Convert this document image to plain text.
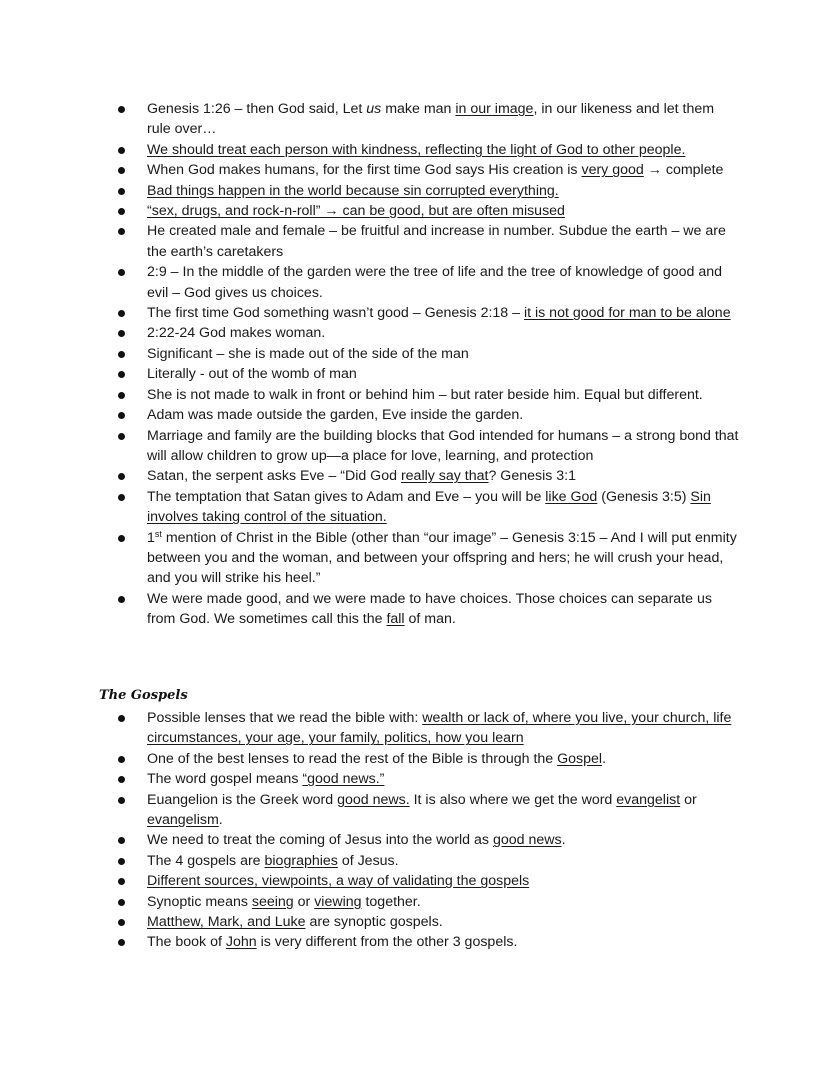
Genesis 1:26 – then God said, Let us make man in our image, in our likeness and let them rule over…
We should treat each person with kindness, reflecting the light of God to other people.
When God makes humans, for the first time God says His creation is very good → complete
Bad things happen in the world because sin corrupted everything.
“sex, drugs, and rock-n-roll” → can be good, but are often misused
He created male and female – be fruitful and increase in number. Subdue the earth – we are the earth’s caretakers
2:9 – In the middle of the garden were the tree of life and the tree of knowledge of good and evil – God gives us choices.
The first time God something wasn’t good – Genesis 2:18 – it is not good for man to be alone
2:22-24 God makes woman.
Significant – she is made out of the side of the man
Literally - out of the womb of man
She is not made to walk in front or behind him – but rater beside him. Equal but different.
Adam was made outside the garden, Eve inside the garden.
Marriage and family are the building blocks that God intended for humans – a strong bond that will allow children to grow up—a place for love, learning, and protection
Satan, the serpent asks Eve – “Did God really say that? Genesis 3:1
The temptation that Satan gives to Adam and Eve – you will be like God (Genesis 3:5) Sin involves taking control of the situation.
1st mention of Christ in the Bible (other than “our image” – Genesis 3:15 – And I will put enmity between you and the woman, and between your offspring and hers; he will crush your head, and you will strike his heel.”
We were made good, and we were made to have choices. Those choices can separate us from God. We sometimes call this the fall of man.
The Gospels
Possible lenses that we read the bible with: wealth or lack of, where you live, your church, life circumstances, your age, your family, politics, how you learn
One of the best lenses to read the rest of the Bible is through the Gospel.
The word gospel means “good news.”
Euangelion is the Greek word good news. It is also where we get the word evangelist or evangelism.
We need to treat the coming of Jesus into the world as good news.
The 4 gospels are biographies of Jesus.
Different sources, viewpoints, a way of validating the gospels
Synoptic means seeing or viewing together.
Matthew, Mark, and Luke are synoptic gospels.
The book of John is very different from the other 3 gospels.
